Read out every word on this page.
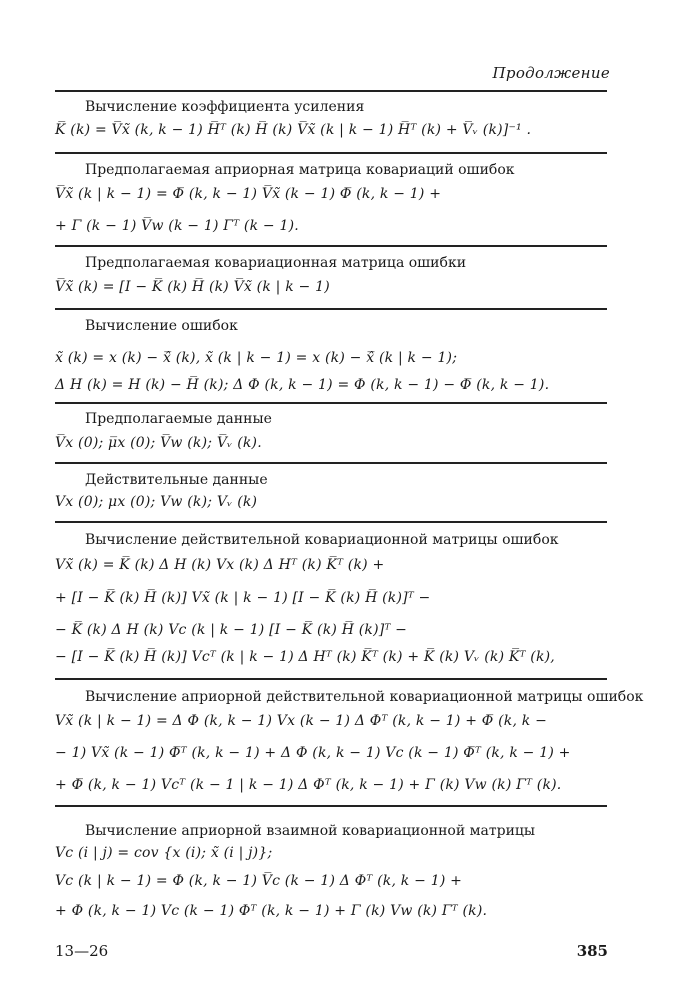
Продолжение
Вычисление коэффициента усиления
K̅ (k) = V̅x̃ (k, k − 1) H̅ᵀ (k) H̅ (k) V̅x̃ (k | k − 1) H̅ᵀ (k) + V̅ᵥ (k)]⁻¹ .
Предполагаемая априорная матрица ковариаций ошибок
V̅x̃ (k | k − 1) = Φ̅ (k, k − 1) V̅x̃ (k − 1) Φ̅ (k, k − 1) +
+ Γ̅ (k − 1) V̅w (k − 1) Γ̅ᵀ (k − 1).
Предполагаемая ковариационная матрица ошибки
V̅x̃ (k) = [I − K̅ (k) H̅ (k) V̅x̃ (k | k − 1)
Вычисление ошибок
x̃ (k) = x (k) − x̂̅ (k), x̃ (k | k − 1) = x (k) − x̂̅ (k | k − 1);
Δ H (k) = H (k) − H̅ (k); Δ Φ (k, k − 1) = Φ (k, k − 1) − Φ̅ (k, k − 1).
Предполагаемые данные
V̅x (0); μ̅x (0); V̅w (k); V̅ᵥ (k).
Действительные данные
Vx (0); μx (0); Vw (k); Vᵥ (k)
Вычисление действительной ковариационной матрицы ошибок
Vx̃ (k) = K̅ (k) Δ H (k) Vx (k) Δ Hᵀ (k) K̅ᵀ (k) +
+ [I − K̅ (k) H̅ (k)] Vx̃ (k | k − 1) [I − K̅ (k) H̅ (k)]ᵀ −
− K̅ (k) Δ H (k) Vc (k | k − 1) [I − K̅ (k) H̅ (k)]ᵀ −
− [I − K̅ (k) H̅ (k)] Vcᵀ (k | k − 1) Δ Hᵀ (k) K̅ᵀ (k) + K̅ (k) Vᵥ (k) K̅ᵀ (k),
Вычисление априорной действительной ковариационной матрицы ошибок
Vx̃ (k | k − 1) = Δ Φ (k, k − 1) Vx (k − 1) Δ Φᵀ (k, k − 1) + Φ̅ (k, k −
− 1) Vx̃ (k − 1) Φ̅ᵀ (k, k − 1) + Δ Φ (k, k − 1) Vc (k − 1) Φ̅ᵀ (k, k − 1) +
+ Φ̅ (k, k − 1) Vcᵀ (k − 1 | k − 1) Δ Φᵀ (k, k − 1) + Γ (k) Vw (k) Γᵀ (k).
Вычисление априорной взаимной ковариационной матрицы
Vc (i | j) = cov {x (i); x̃ (i | j)};
Vc (k | k − 1) = Φ (k, k − 1) V̅c (k − 1) Δ Φᵀ (k, k − 1) +
+ Φ (k, k − 1) Vc (k − 1) Φᵀ (k, k − 1) + Γ (k) Vw (k) Γᵀ (k).
13—26	385
